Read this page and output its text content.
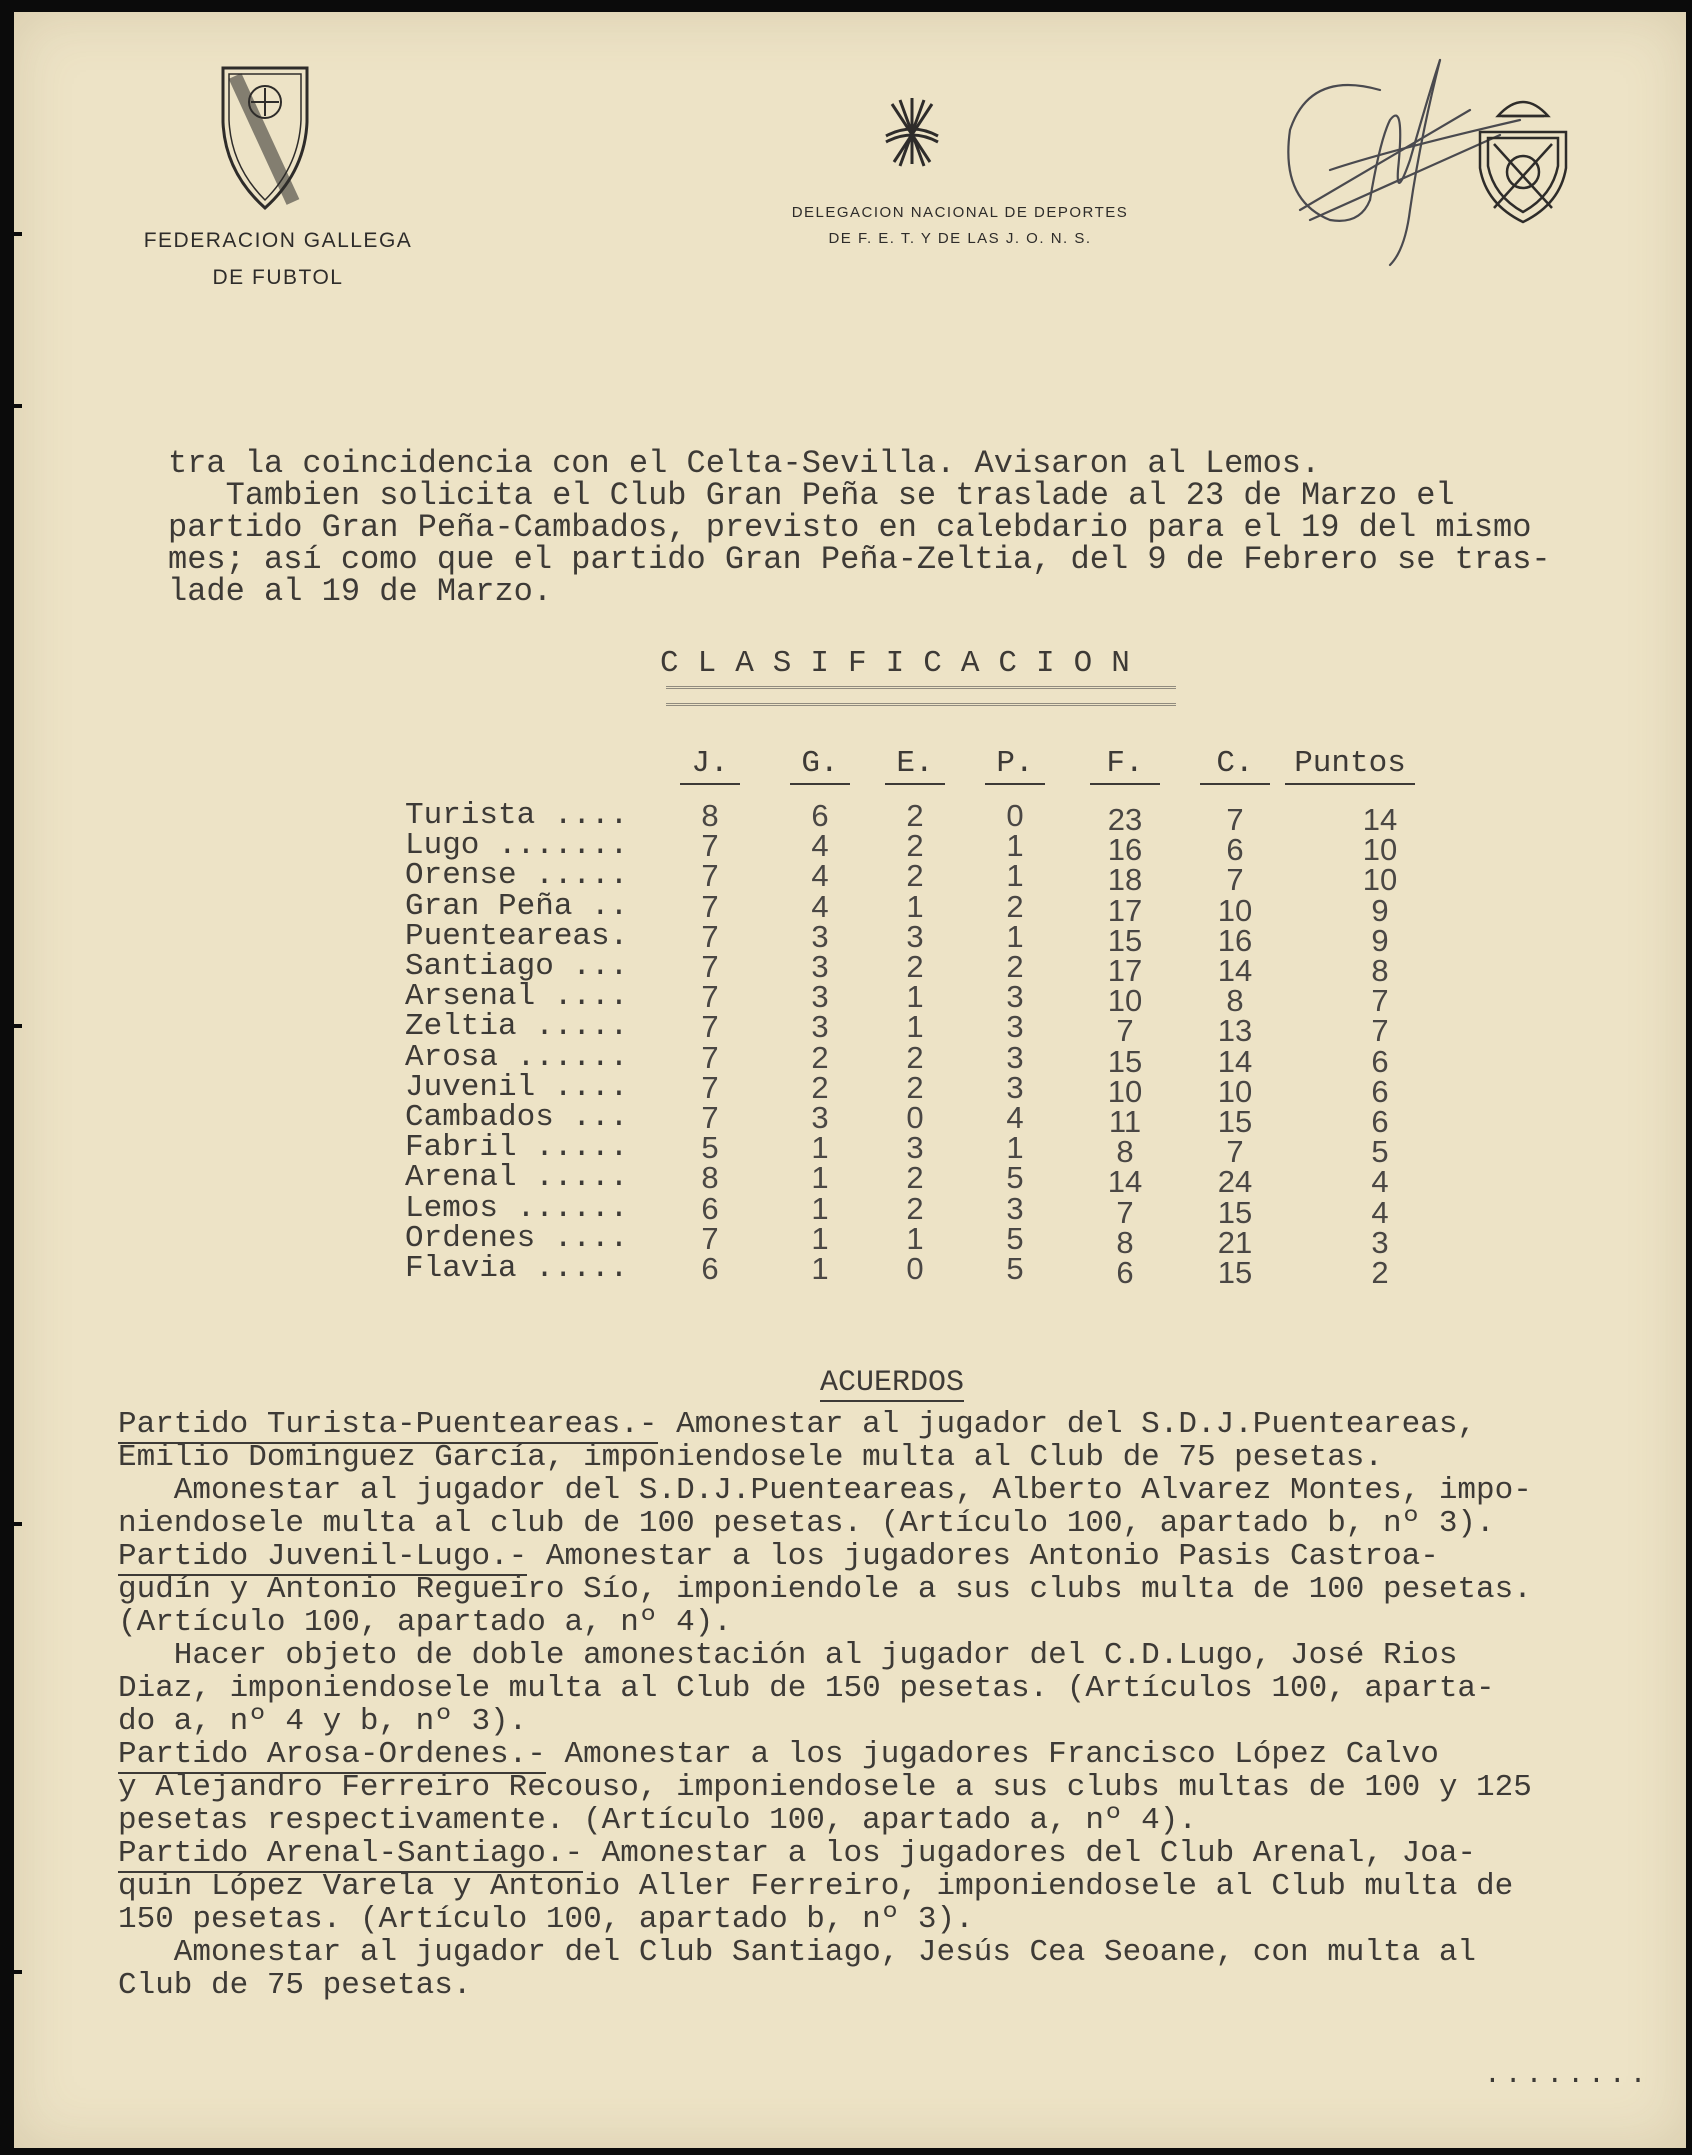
FEDERACION GALLEGA
DE FUBTOL
DELEGACION NACIONAL DE DEPORTES
DE F. E. T. Y DE LAS J. O. N. S.

tra la coincidencia con el Celta-Sevilla. Avisaron al Lemos.

Tambien solicita el Club Gran Peña se traslade al 23 de Marzo el

partido Gran Peña-Cambados, previsto en calebdario para el 19 del mismo

mes; así como que el partido Gran Peña-Zeltia, del 9 de Febrero se tras-

lade al 19 de Marzo.

CLASIFICACION
J.	G.	E.	P.	F.	C.	Puntos
Turista ....	8	6	2	0	23	7	14
Lugo .......	7	4	2	1	16	6	10
Orense .....	7	4	2	1	18	7	10
Gran Peña ..	7	4	1	2	17	10	9
Puenteareas.	7	3	3	1	15	16	9
Santiago ...	7	3	2	2	17	14	8
Arsenal ....	7	3	1	3	10	8	7
Zeltia .....	7	3	1	3	7	13	7
Arosa ......	7	2	2	3	15	14	6
Juvenil ....	7	2	2	3	10	10	6
Cambados ...	7	3	0	4	11	15	6
Fabril .....	5	1	3	1	8	7	5
Arenal .....	8	1	2	5	14	24	4
Lemos ......	6	1	2	3	7	15	4
Ordenes ....	7	1	1	5	8	21	3
Flavia .....	6	1	0	5	6	15	2
ACUERDOS

Partido Turista-Puenteareas.- Amonestar al jugador del S.D.J.Puenteareas,

Emilio Dominguez García, imponiendosele multa al Club de 75 pesetas.

Amonestar al jugador del S.D.J.Puenteareas, Alberto Alvarez Montes, impo-

niendosele multa al club de 100 pesetas. (Artículo 100, apartado b, nº 3).

Partido Juvenil-Lugo.- Amonestar a los jugadores Antonio Pasis Castroa-

gudín y Antonio Regueiro Sío, imponiendole a sus clubs multa de 100 pesetas.

(Artículo 100, apartado a, nº 4).

Hacer objeto de doble amonestación al jugador del C.D.Lugo, José Rios

Diaz, imponiendosele multa al Club de 150 pesetas. (Artículos 100, aparta-

do a, nº 4 y b, nº 3).

Partido Arosa-Ordenes.- Amonestar a los jugadores Francisco López Calvo

y Alejandro Ferreiro Recouso, imponiendosele a sus clubs multas de 100 y 125

pesetas respectivamente. (Artículo 100, apartado a, nº 4).

Partido Arenal-Santiago.- Amonestar a los jugadores del Club Arenal, Joa-

quin López Varela y Antonio Aller Ferreiro, imponiendosele al Club multa de

150 pesetas. (Artículo 100, apartado b, nº 3).

Amonestar al jugador del Club Santiago, Jesús Cea Seoane, con multa al

Club de 75 pesetas.

........
